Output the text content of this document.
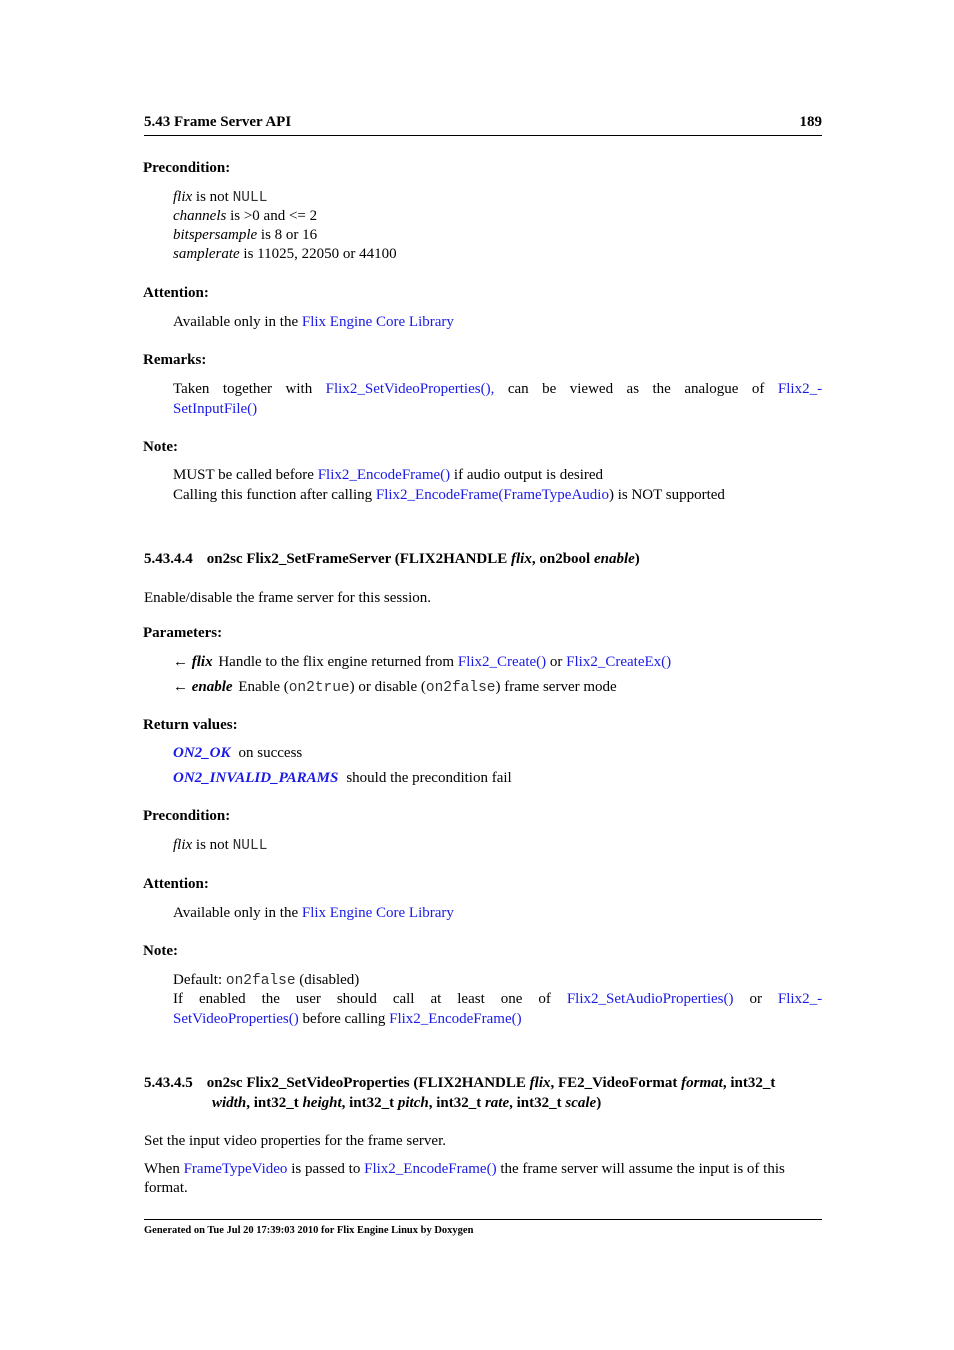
5.43 Frame Server API	189
Precondition:
flix is not NULL
channels is >0 and <= 2
bitspersample is 8 or 16
samplerate is 11025, 22050 or 44100
Attention:
Available only in the Flix Engine Core Library
Remarks:
Taken together with Flix2_SetVideoProperties(), can be viewed as the analogue of Flix2_-
SetInputFile()
Note:
MUST be called before Flix2_EncodeFrame() if audio output is desired
Calling this function after calling Flix2_EncodeFrame(FrameTypeAudio) is NOT supported
5.43.4.4 on2sc Flix2_SetFrameServer (FLIX2HANDLE flix, on2bool enable)
Enable/disable the frame server for this session.
Parameters:
← flix Handle to the flix engine returned from Flix2_Create() or Flix2_CreateEx()
← enable Enable (on2true) or disable (on2false) frame server mode
Return values:
ON2_OK on success
ON2_INVALID_PARAMS should the precondition fail
Precondition:
flix is not NULL
Attention:
Available only in the Flix Engine Core Library
Note:
Default: on2false (disabled)
If enabled the user should call at least one of Flix2_SetAudioProperties() or Flix2_-
SetVideoProperties() before calling Flix2_EncodeFrame()
5.43.4.5 on2sc Flix2_SetVideoProperties (FLIX2HANDLE flix, FE2_VideoFormat format, int32_t
width, int32_t height, int32_t pitch, int32_t rate, int32_t scale)
Set the input video properties for the frame server.
When FrameTypeVideo is passed to Flix2_EncodeFrame() the frame server will assume the input is of this
format.
Generated on Tue Jul 20 17:39:03 2010 for Flix Engine Linux by Doxygen
